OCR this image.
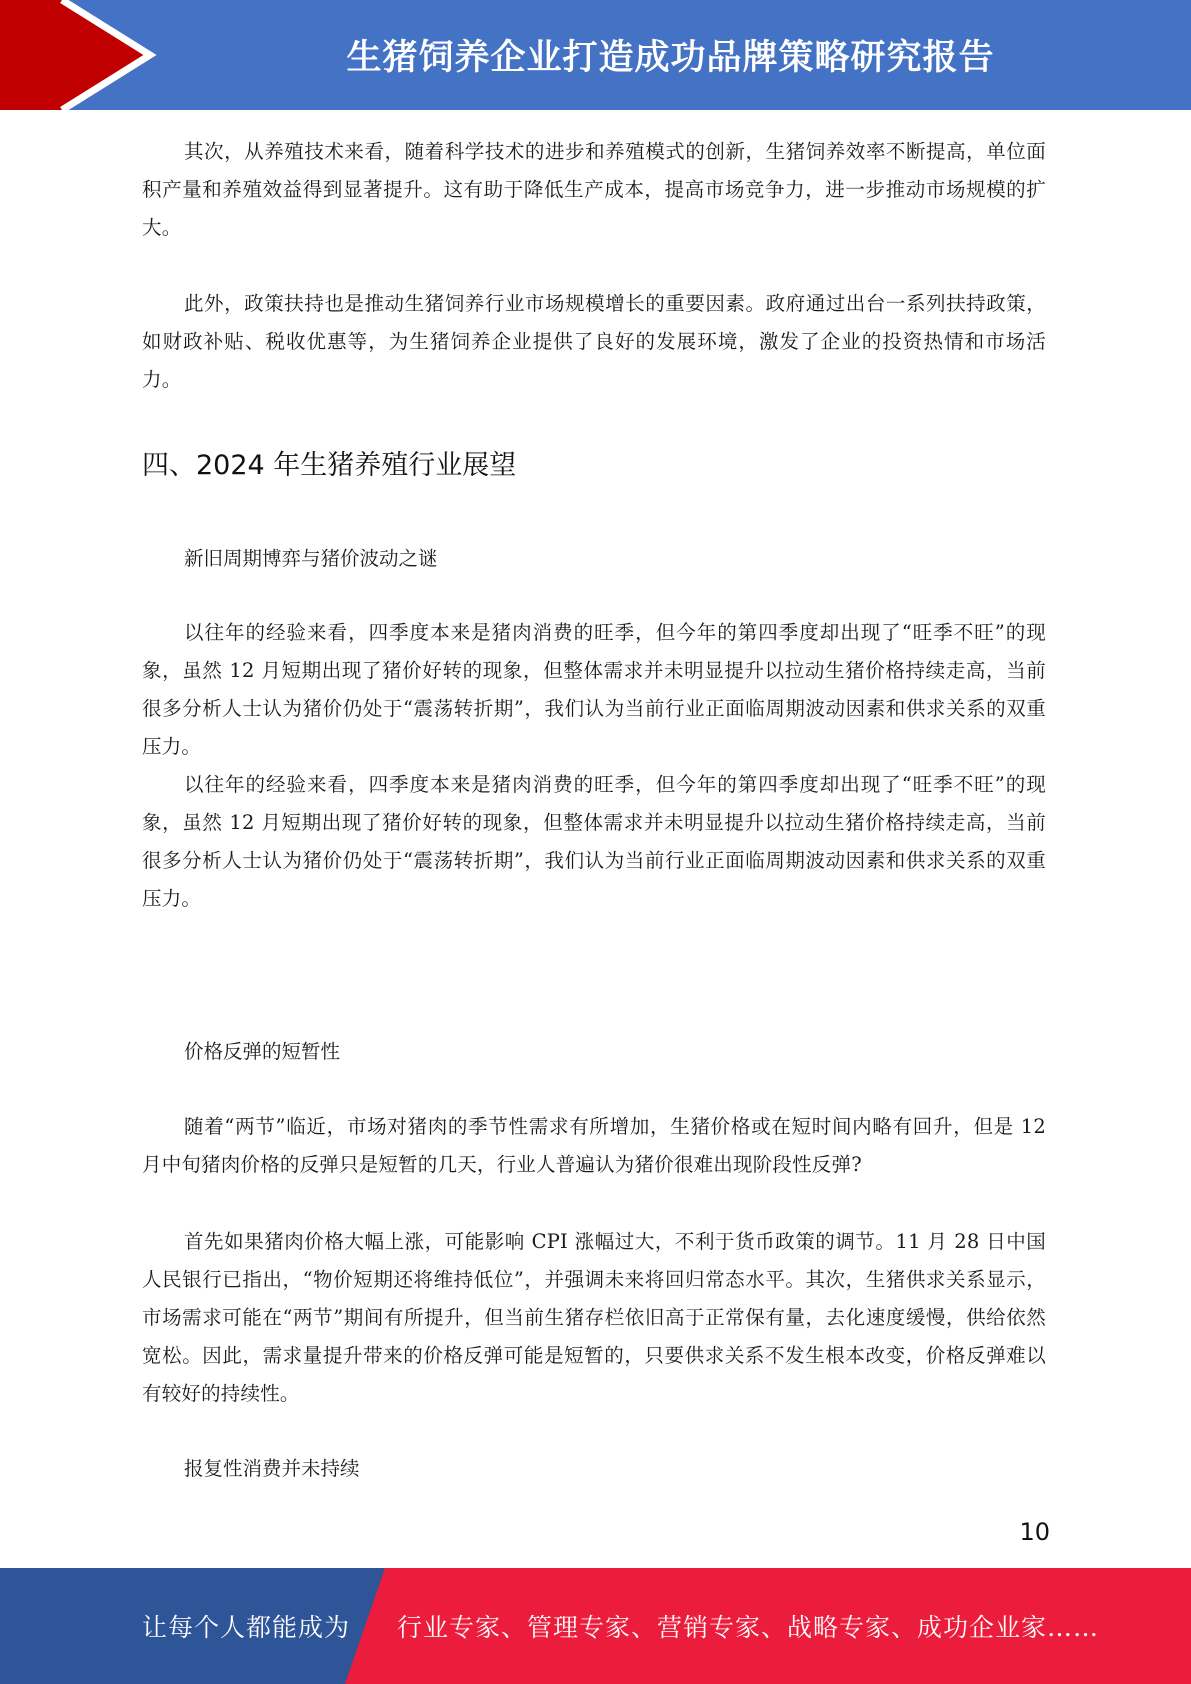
生猪饲养企业打造成功品牌策略研究报告

其次，从养殖技术来看，随着科学技术的进步和养殖模式的创新，生猪饲养效率不断提高，单位面积产量和养殖效益得到显著提升。这有助于降低生产成本，提高市场竞争力，进一步推动市场规模的扩大。

此外，政策扶持也是推动生猪饲养行业市场规模增长的重要因素。政府通过出台一系列扶持政策，如财政补贴、税收优惠等，为生猪饲养企业提供了良好的发展环境，激发了企业的投资热情和市场活力。

四、2024 年生猪养殖行业展望

新旧周期博弈与猪价波动之谜

以往年的经验来看，四季度本来是猪肉消费的旺季，但今年的第四季度却出现了“旺季不旺”的现象，虽然 12 月短期出现了猪价好转的现象，但整体需求并未明显提升以拉动生猪价格持续走高，当前很多分析人士认为猪价仍处于“震荡转折期”，我们认为当前行业正面临周期波动因素和供求关系的双重压力。

以往年的经验来看，四季度本来是猪肉消费的旺季，但今年的第四季度却出现了“旺季不旺”的现象，虽然 12 月短期出现了猪价好转的现象，但整体需求并未明显提升以拉动生猪价格持续走高，当前很多分析人士认为猪价仍处于“震荡转折期”，我们认为当前行业正面临周期波动因素和供求关系的双重压力。

价格反弹的短暂性

随着“两节”临近，市场对猪肉的季节性需求有所增加，生猪价格或在短时间内略有回升，但是 12 月中旬猪肉价格的反弹只是短暂的几天，行业人普遍认为猪价很难出现阶段性反弹?

首先如果猪肉价格大幅上涨，可能影响 CPI 涨幅过大，不利于货币政策的调节。11 月 28 日中国人民银行已指出，“物价短期还将维持低位”，并强调未来将回归常态水平。其次，生猪供求关系显示，市场需求可能在“两节”期间有所提升，但当前生猪存栏依旧高于正常保有量，去化速度缓慢，供给依然宽松。因此，需求量提升带来的价格反弹可能是短暂的，只要供求关系不发生根本改变，价格反弹难以有较好的持续性。

报复性消费并未持续

10
让每个人都能成为 行业专家、管理专家、营销专家、战略专家、成功企业家……
